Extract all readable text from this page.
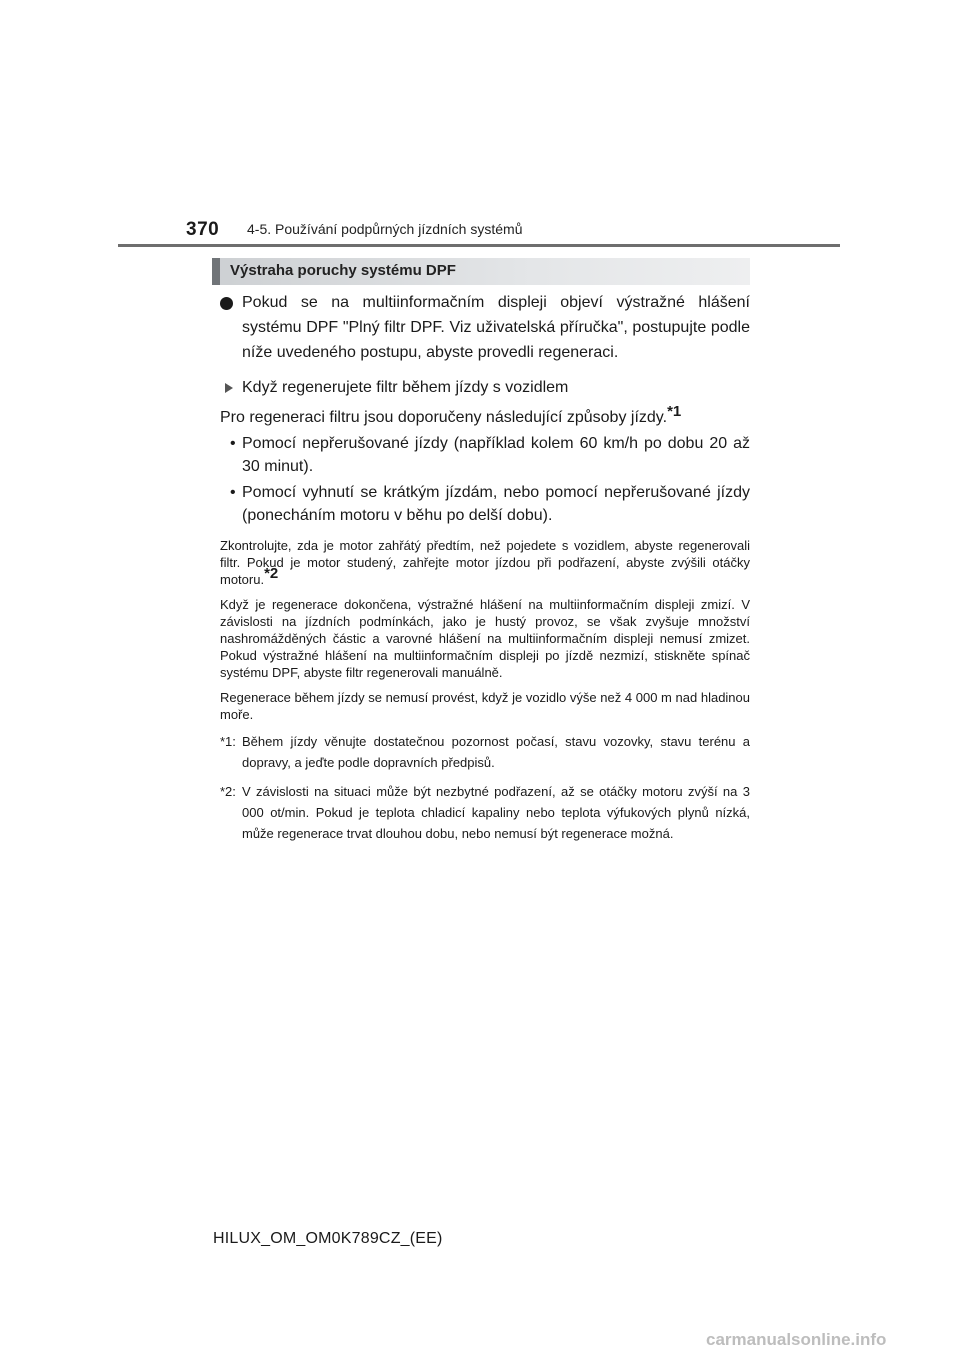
370 4-5. Používání podpůrných jízdních systémů
Výstraha poruchy systému DPF
Pokud se na multiinformačním displeji objeví výstražné hlášení systému DPF "Plný filtr DPF. Viz uživatelská příručka", postupujte podle níže uvedeného postupu, abyste provedli regeneraci.
Když regenerujete filtr během jízdy s vozidlem
Pro regeneraci filtru jsou doporučeny následující způsoby jízdy.$^{*1}$
• Pomocí nepřerušované jízdy (například kolem 60 km/h po dobu 20 až 30 minut).
• Pomocí vyhnutí se krátkým jízdám, nebo pomocí nepřerušované jízdy (ponecháním motoru v běhu po delší dobu).
Zkontrolujte, zda je motor zahřátý předtím, než pojedete s vozidlem, abyste regenerovali filtr. Pokud je motor studený, zahřejte motor jízdou při podřazení, abyste zvýšili otáčky motoru.$^{*2}$
Když je regenerace dokončena, výstražné hlášení na multiinformačním displeji zmizí. V závislosti na jízdních podmínkách, jako je hustý provoz, se však zvyšuje množství nashromážděných částic a varovné hlášení na multiinformačním displeji nemusí zmizet. Pokud výstražné hlášení na multiinformačním displeji po jízdě nezmizí, stiskněte spínač systému DPF, abyste filtr regenerovali manuálně.
Regenerace během jízdy se nemusí provést, když je vozidlo výše než 4 000 m nad hladinou moře.
*1: Během jízdy věnujte dostatečnou pozornost počasí, stavu vozovky, stavu terénu a dopravy, a jeďte podle dopravních předpisů.
*2: V závislosti na situaci může být nezbytné podřazení, až se otáčky motoru zvýší na 3 000 ot/min. Pokud je teplota chladicí kapaliny nebo teplota výfukových plynů nízká, může regenerace trvat dlouhou dobu, nebo nemusí být regenerace možná.
HILUX_OM_OM0K789CZ_(EE)
carmanualsonline.info
